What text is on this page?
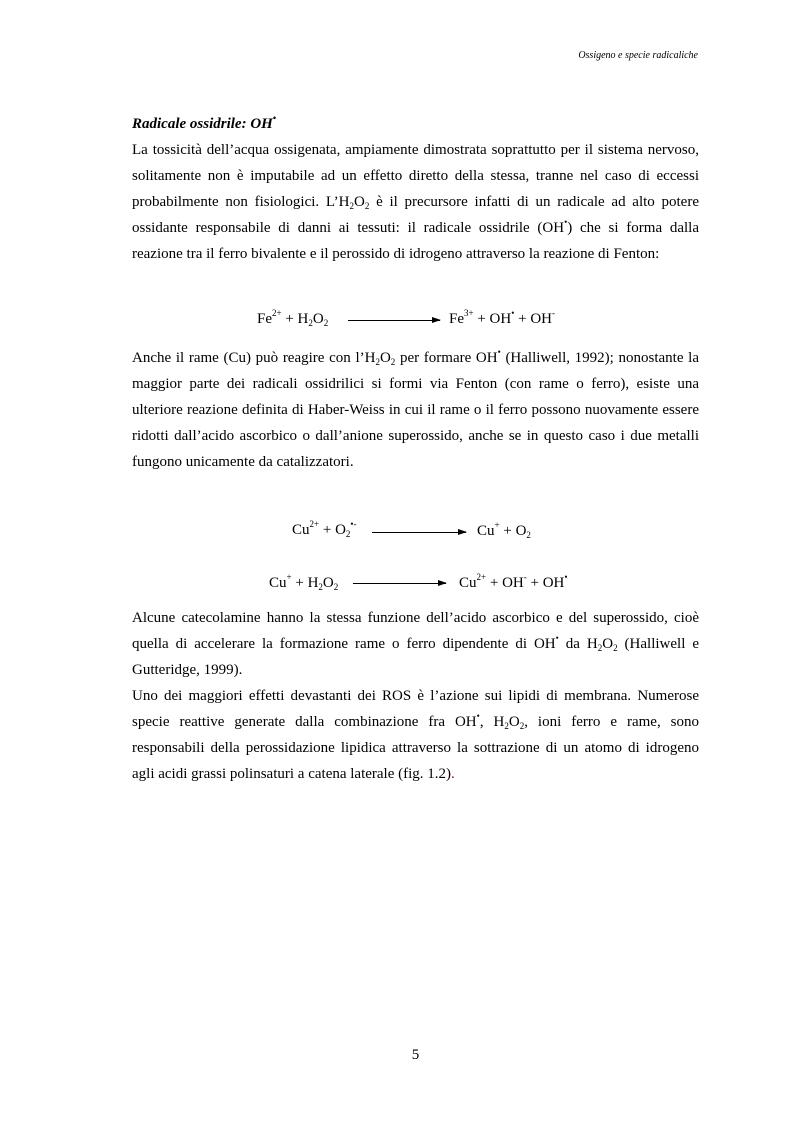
Ossigeno e specie radicaliche

Radicale ossidrile: OH•

La tossicità dell’acqua ossigenata, ampiamente dimostrata soprattutto per il sistema nervoso, solitamente non è imputabile ad un effetto diretto della stessa, tranne nel caso di eccessi probabilmente non fisiologici. $L’H_2O_2$ è il precursore infatti di un radicale ad alto potere ossidante responsabile di danni ai tessuti: il radicale ossidrile (OH•) che si forma dalla reazione tra il ferro bivalente e il perossido di idrogeno attraverso la reazione di Fenton:

Anche il rame (Cu) può reagire con $l’H_2O_2$ per formare OH• (Halliwell, 1992); nonostante la maggior parte dei radicali ossidrilici si formi via Fenton (con rame o ferro), esiste una ulteriore reazione definita di Haber-Weiss in cui il rame o il ferro possono nuovamente essere ridotti dall’acido ascorbico o dall’anione superossido, anche se in questo caso i due metalli fungono unicamente da catalizzatori.

Alcune catecolamine hanno la stessa funzione dell’acido ascorbico e del superossido, cioè quella di accelerare la formazione rame o ferro dipendente di OH• da $H_2O_2$ (Halliwell e Gutteridge, 1999).

Uno dei maggiori effetti devastanti dei ROS è l’azione sui lipidi di membrana. Numerose specie reattive generate dalla combinazione fra OH•, $H_2O_2$, ioni ferro e rame, sono responsabili della perossidazione lipidica attraverso la sottrazione di un atomo di idrogeno agli acidi grassi polinsaturi a catena laterale (fig. 1.2).

$Fe^{2+} + H_2O_2$	$Fe^{3+} + OH^• + OH^-$
$Cu^{2+} + O_2^{•-}$	$Cu^+ + O_2$
$Cu^+ + H_2O_2$	$Cu^{2+} + OH^- + OH^•$
5
